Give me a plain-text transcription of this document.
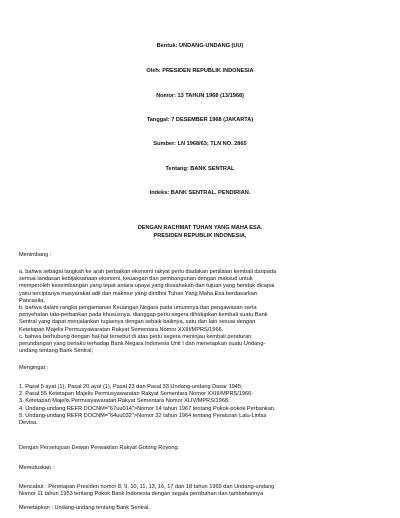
Bentuk: UNDANG-UNDANG (UU)
Oleh: PRESIDEN REPUBLIK INDONESIA
Nomor: 13 TAHUN 1968 (13/1968)
Tanggal: 7 DESEMBER 1968 (JAKARTA)
Sumber: LN 1968/63; TLN NO. 2865
Tentang: BANK SENTRAL
Indeks: BANK SENTRAL. PENDIRIAN.
DENGAN RACHMAT TUHAN YANG MAHA ESA.
PRESIDEN REPUBLIK INDONESIA,
Menimbang :

a. bahwa sebagai langkah ke arah perbaikan ekonomi rakyat perlu diadakan penilaian kembali daripada

semua landasan kebijaksanaan ekonomi, keuangan dan pembangunan dengan maksud untuk

memperoleh keseimbangan yang tepat antara upaya yang diusahakan dan tujuan yang hendak dicapai

yaitu terciptanya masyarakat adil dan makmur yang diridhoi Tuhan Yang Maha Esa berdasarkan

Pancasila;

b. bahwa dalam rangka pengamanan Keuangan Negara pada umumnya dan pengawasan serta

penyehatan tata-perbankan pada khususnya, dianggap perlu segera dihidupkan kembali suatu Bank

Sentral yang dapat menjalankan tugasnya dengan sebaik-baiknya, satu dan lain sesuai dengan

Ketetapan Majelis Permusyawaratan Rakyat Sementara Nomor XXIII/MPRS/1966.

c. bahwa berhubung dengan hal-hal tersebut di atas perlu segera meninjau kembali peraturan

perundangan yang berlaku terhadap Bank Negara Indonesia Unit I dan menetapkan suatu Undang-

undang tentang Bank Sentral;

Mengingat :

1. Pasal 5 ayat (1), Pasal 20 ayat (1), Pasal 23 dan Pasal 33 Undang-undang Dasar 1945;

2. Pasal 55 Ketetapan Majelis Permusyawaratan Rakyat Sementara Nomor XXIII/MPRS/1966.

3. Ketetapan Majelis Permusyawaratan Rakyat Sementara Nomor XLIV/MPRS/1968.

4. Undang-undang REFR DOCNM="67uu014">Nomor 14 tahun 1967 tentang Pokok-pokok Perbankan.

5. Undang-undang REFR DOCNM="64uu032">Nomor 32 tahun 1964 tentang Peraturan Lalu-Lintas

Devisa.

Dengan Persetujuan Dewan Perwakilan Rakyat Gotong Royong.
Memutuskan :

Mencabut : Penetapan Presiden nomor 8, 9, 10, 11, 13, 16, 17 dan 18 tahun 1965 dan Undang-undang

Nomor 11 tahun 1953 tentang Pokok Bank Indonesia dengan segala perobahan dan tambahannya

Menetapkan : Undang-undang tentang Bank Sentral.
